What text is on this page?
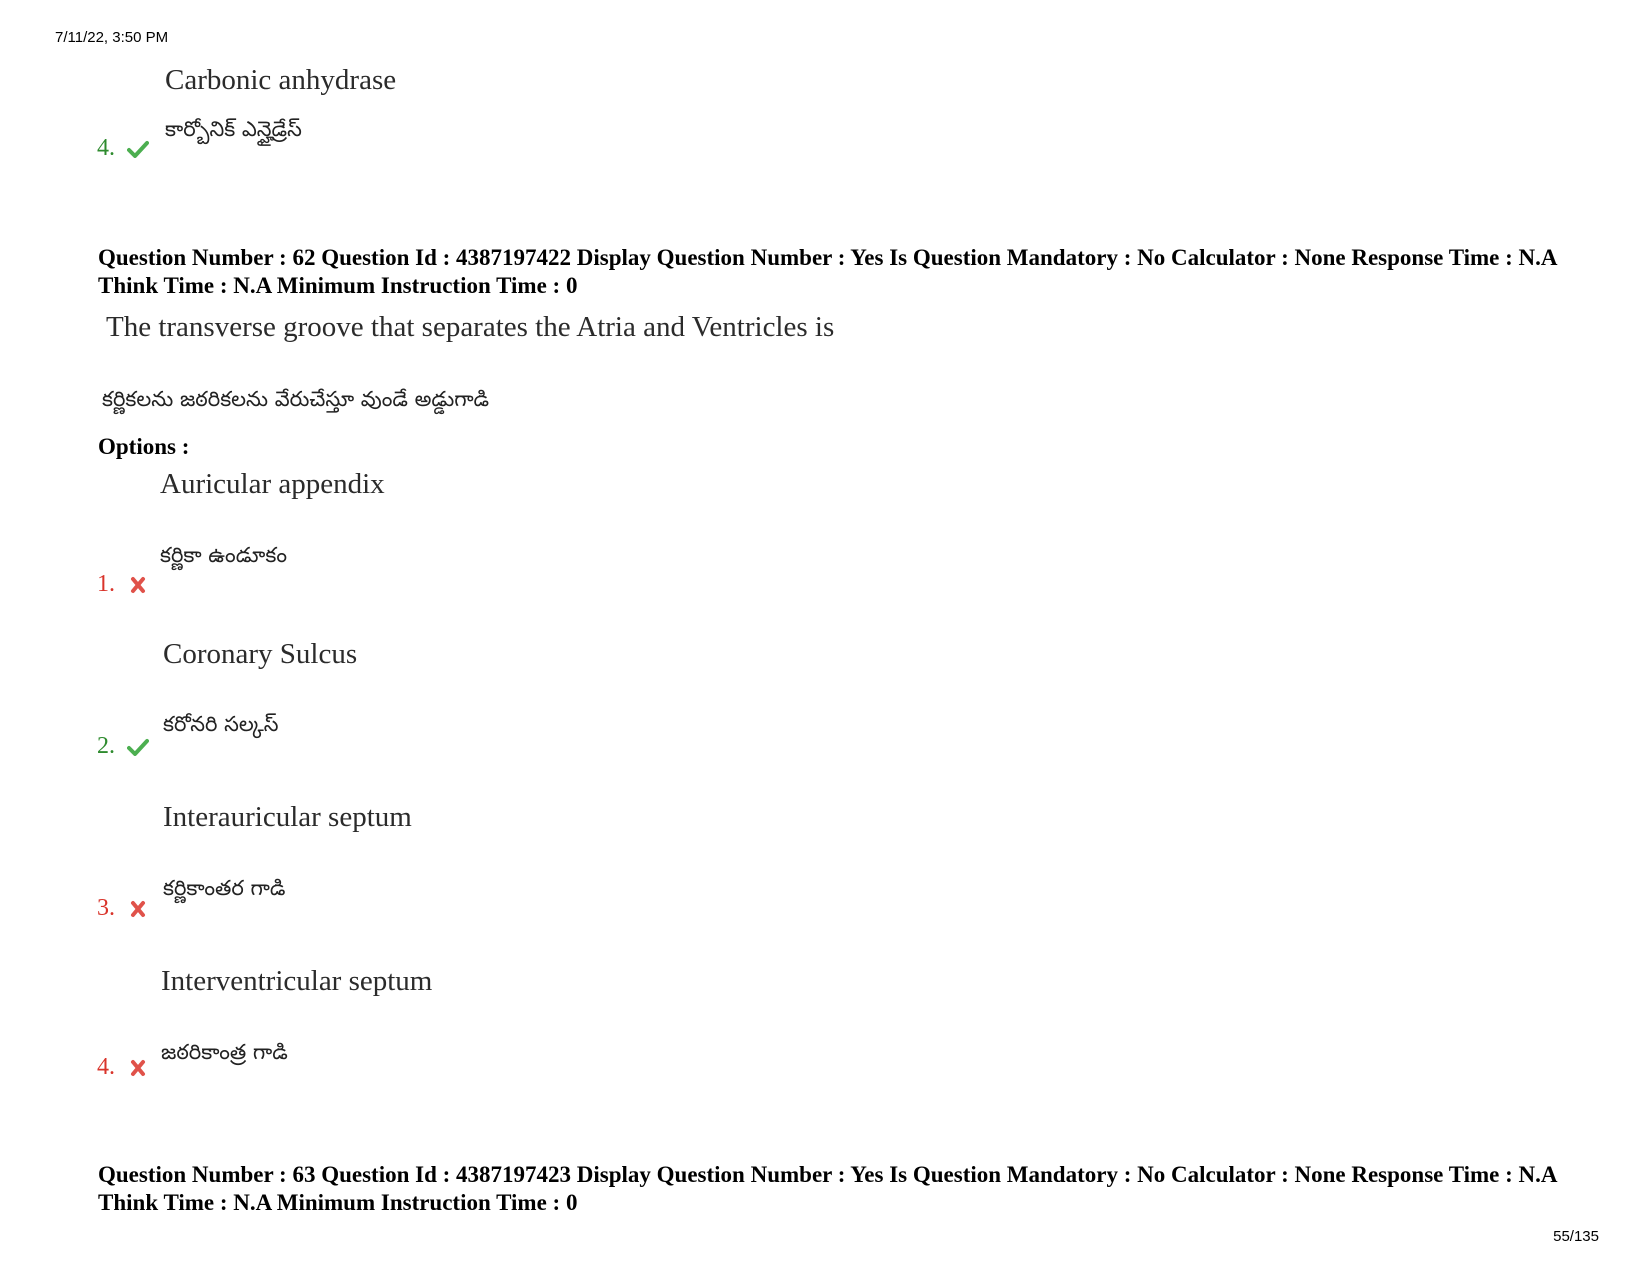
7/11/22, 3:50 PM
Carbonic anhydrase
కార్బోనిక్ ఎన్హైడ్రేస్
4.
Question Number : 62 Question Id : 4387197422 Display Question Number : Yes Is Question Mandatory : No Calculator : None Response Time : N.A Think Time : N.A Minimum Instruction Time : 0
The transverse groove that separates the Atria and Ventricles is
కర్ణికలను జఠరికలను వేరుచేస్తూ వుండే అడ్డుగాడి
Options :
Auricular appendix
కర్ణికా ఉండూకం
1.
Coronary Sulcus
కరోనరి సల్కస్
2.
Interauricular septum
కర్ణికాంతర గాడి
3.
Interventricular septum
జఠరికాంత్ర గాడి
4.
Question Number : 63 Question Id : 4387197423 Display Question Number : Yes Is Question Mandatory : No Calculator : None Response Time : N.A Think Time : N.A Minimum Instruction Time : 0
55/135
